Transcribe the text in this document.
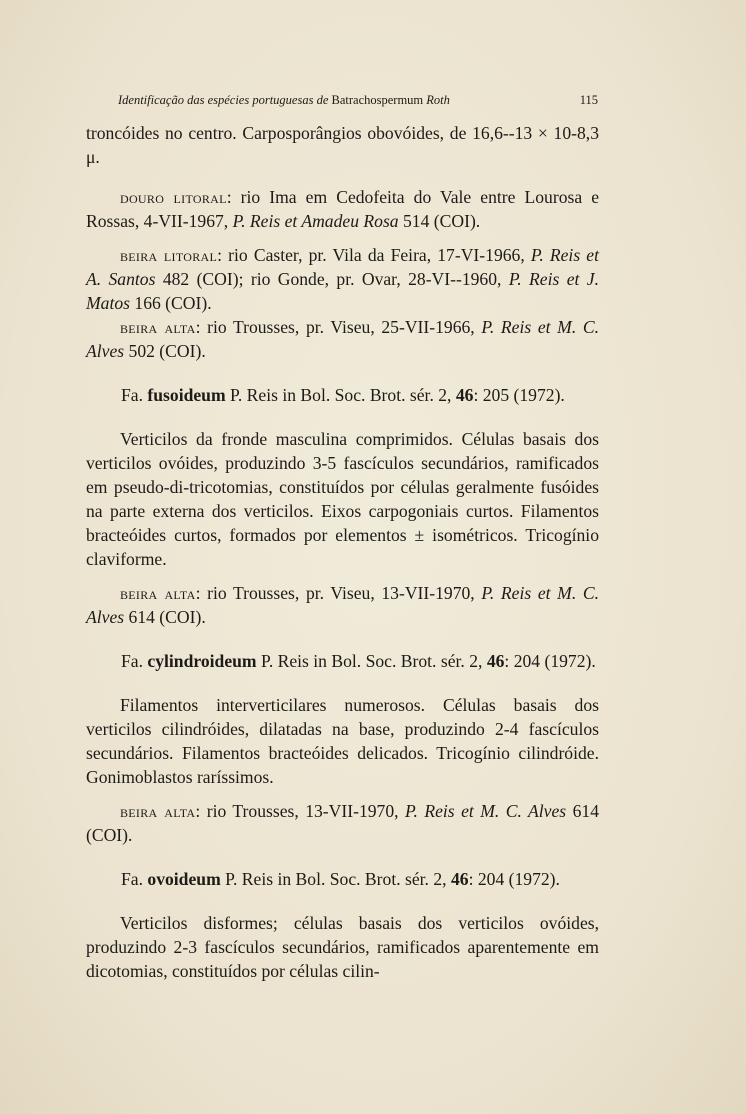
Identificação das espécies portuguesas de Batrachospermum Roth	115

troncóides no centro. Carposporângios obovóides, de 16,6--13 × 10-8,3 μ.

douro litoral: rio Ima em Cedofeita do Vale entre Lourosa e Rossas, 4-VII-1967, P. Reis et Amadeu Rosa 514 (COI).

beira litoral: rio Caster, pr. Vila da Feira, 17-VI-1966, P. Reis et A. Santos 482 (COI); rio Gonde, pr. Ovar, 28-VI--1960, P. Reis et J. Matos 166 (COI).

beira alta: rio Trousses, pr. Viseu, 25-VII-1966, P. Reis et M. C. Alves 502 (COI).

Fa. fusoideum P. Reis in Bol. Soc. Brot. sér. 2, 46: 205 (1972).

Verticilos da fronde masculina comprimidos. Células basais dos verticilos ovóides, produzindo 3-5 fascículos secundários, ramificados em pseudo-di-tricotomias, constituídos por células geralmente fusóides na parte externa dos verticilos. Eixos carpogoniais curtos. Filamentos bracteóides curtos, formados por elementos ± isométricos. Tricogínio claviforme.

beira alta: rio Trousses, pr. Viseu, 13-VII-1970, P. Reis et M. C. Alves 614 (COI).

Fa. cylindroideum P. Reis in Bol. Soc. Brot. sér. 2, 46: 204 (1972).

Filamentos interverticilares numerosos. Células basais dos verticilos cilindróides, dilatadas na base, produzindo 2-4 fascículos secundários. Filamentos bracteóides delicados. Tricogínio cilindróide. Gonimoblastos raríssimos.

beira alta: rio Trousses, 13-VII-1970, P. Reis et M. C. Alves 614 (COI).

Fa. ovoideum P. Reis in Bol. Soc. Brot. sér. 2, 46: 204 (1972).

Verticilos disformes; células basais dos verticilos ovóides, produzindo 2-3 fascículos secundários, ramificados aparentemente em dicotomias, constituídos por células cilin-
